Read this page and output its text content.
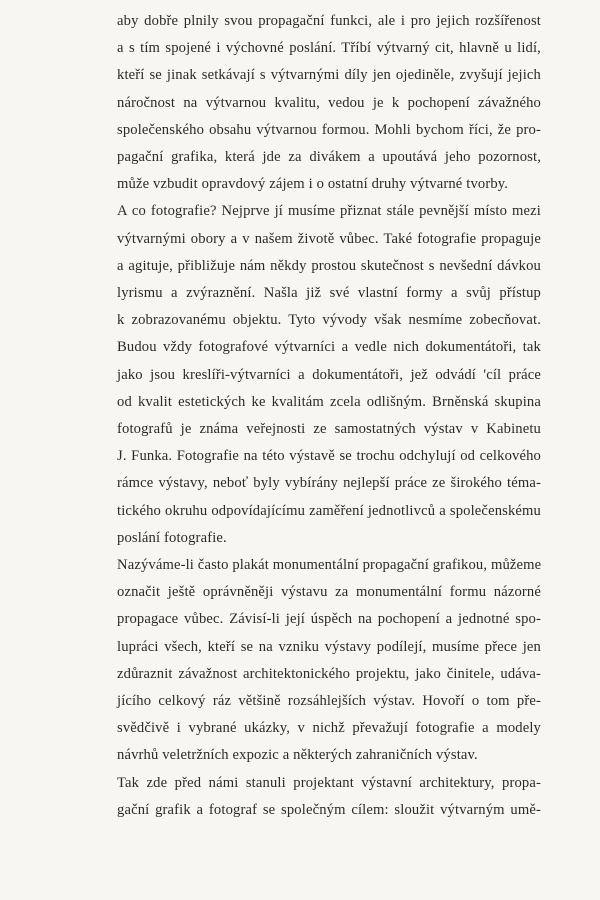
aby dobře plnily svou propagační funkci, ale i pro jejich rozšířenost
a s tím spojené i výchovné poslání. Tříbí výtvarný cit, hlavně u lidí,
kteří se jinak setkávají s výtvarnými díly jen ojediněle, zvyšují jejich
náročnost na výtvarnou kvalitu, vedou je k pochopení závažného
společenského obsahu výtvarnou formou. Mohli bychom říci, že pro-
pagační grafika, která jde za divákem a upoutává jeho pozornost,
může vzbudit opravdový zájem i o ostatní druhy výtvarné tvorby.

A co fotografie? Nejprve jí musíme přiznat stále pevnější místo mezi
výtvarnými obory a v našem životě vůbec. Také fotografie propaguje
a agituje, přibližuje nám někdy prostou skutečnost s nevšední dávkou
lyrismu a zvýraznění. Našla již své vlastní formy a svůj přístup
k zobrazovanému objektu. Tyto vývody však nesmíme zobecňovat.
Budou vždy fotografové výtvarníci a vedle nich dokumentátoři, tak
jako jsou kreslíři-výtvarníci a dokumentátoři, jež odvádí 'cíl práce
od kvalit estetických ke kvalitám zcela odlišným. Brněnská skupina
fotografů je známa veřejnosti ze samostatných výstav v Kabinetu
J. Funka. Fotografie na této výstavě se trochu odchylují od celkového
rámce výstavy, neboť byly vybírány nejlepší práce ze širokého téma-
tického okruhu odpovídajícímu zaměření jednotlivců a společenskému
poslání fotografie.

Nazýváme-li často plakát monumentální propagační grafikou, můžeme
označit ještě oprávněněji výstavu za monumentální formu názorné
propagace vůbec. Závisí-li její úspěch na pochopení a jednotné spo-
lupráci všech, kteří se na vzniku výstavy podílejí, musíme přece jen
zdůraznit závažnost architektonického projektu, jako činitele, udáva-
jícího celkový ráz většině rozsáhlejších výstav. Hovoří o tom pře-
svědčivě i vybrané ukázky, v nichž převažují fotografie a modely
návrhů veletržních expozic a některých zahraničních výstav.

Tak zde před námi stanuli projektant výstavní architektury, propa-
gační grafik a fotograf se společným cílem: sloužit výtvarným umě-
